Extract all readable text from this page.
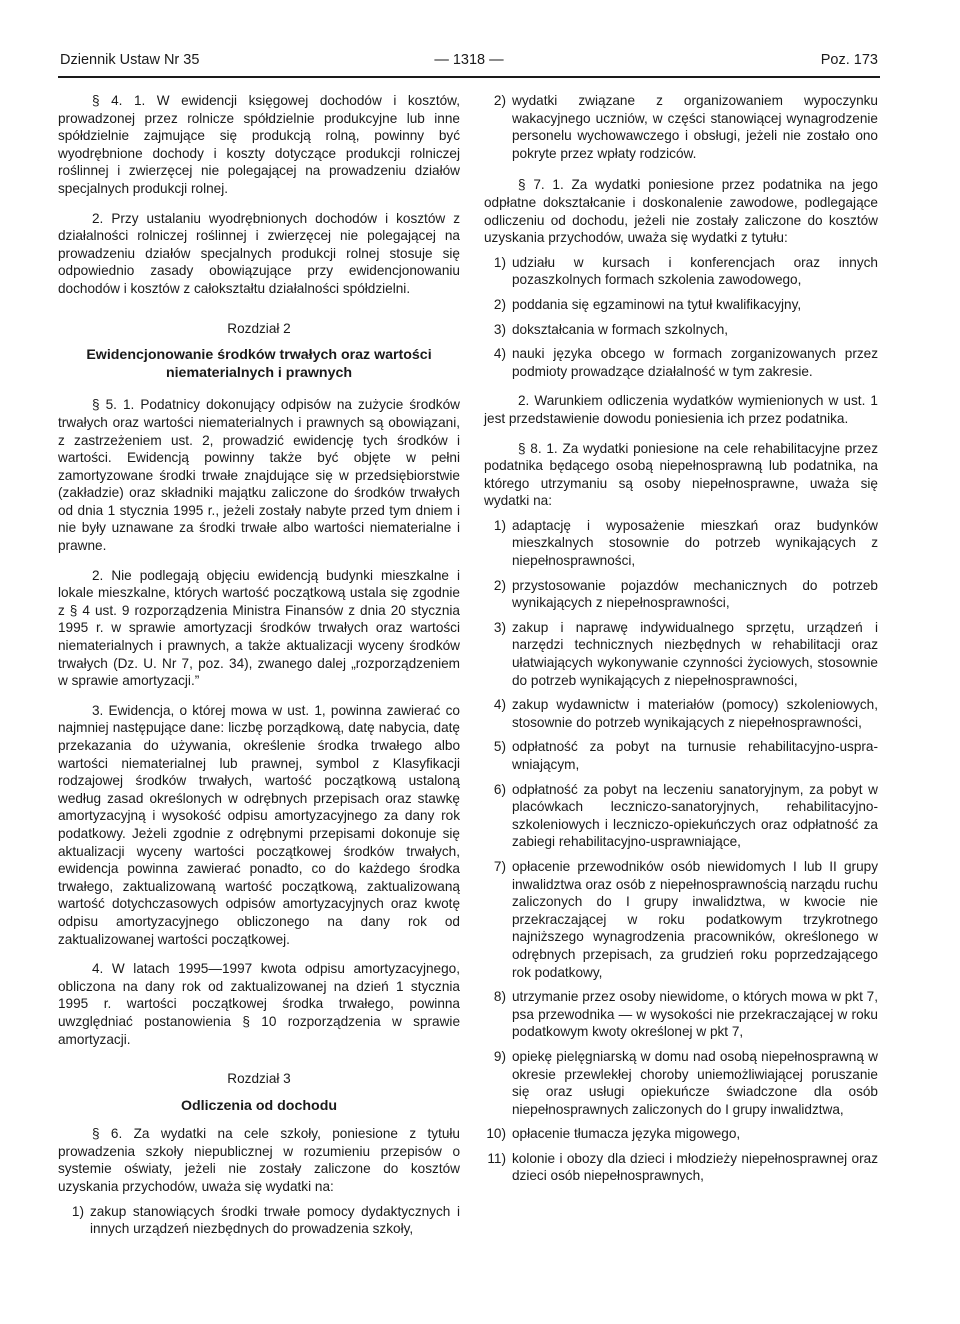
Dziennik Ustaw Nr 35	— 1318 —	Poz. 173

§ 4. 1. W ewidencji księgowej dochodów i kosztów, prowadzonej przez rolnicze spółdzielnie produkcyjne lub inne spółdzielnie zajmujące się produkcją rolną, powinny być wyodrębnione dochody i koszty dotyczące produkcji rolniczej roślinnej i zwierzęcej nie polegającej na prowadzeniu działów specjalnych produkcji rolnej.

2. Przy ustalaniu wyodrębnionych dochodów i kosztów z działalności rolniczej roślinnej i zwierzęcej nie polegającej na prowadzeniu działów specjalnych produkcji rolnej stosuje się odpowiednio zasady obowiązujące przy ewidencjonowaniu dochodów i kosztów z całokształtu działalności spółdzielni.

Rozdział 2

Ewidencjonowanie środków trwałych oraz wartości niematerialnych i prawnych

§ 5. 1. Podatnicy dokonujący odpisów na zużycie środków trwałych oraz wartości niematerialnych i prawnych są obowiązani, z zastrzeżeniem ust. 2, prowadzić ewidencję tych środków i wartości. Ewidencją powinny także być objęte w pełni zamortyzowane środki trwałe znajdujące się w przedsiębiorstwie (zakładzie) oraz składniki majątku zaliczone do środków trwałych od dnia 1 stycznia 1995 r., jeżeli zostały nabyte przed tym dniem i nie były uznawane za środki trwałe albo wartości niematerialne i prawne.

2. Nie podlegają objęciu ewidencją budynki mieszkalne i lokale mieszkalne, których wartość początkową ustala się zgodnie z § 4 ust. 9 rozporządzenia Ministra Finansów z dnia 20 stycznia 1995 r. w sprawie amortyzacji środków trwałych oraz wartości niematerialnych i prawnych, a także aktualizacji wyceny środków trwałych (Dz. U. Nr 7, poz. 34), zwanego dalej „rozporządzeniem w sprawie amortyzacji.”

3. Ewidencja, o której mowa w ust. 1, powinna zawierać co najmniej następujące dane: liczbę porządkową, datę nabycia, datę przekazania do używania, określenie środka trwałego albo wartości niematerialnej lub prawnej, symbol z Klasyfikacji rodzajowej środków trwałych, wartość początkową ustaloną według zasad określonych w odrębnych przepisach oraz stawkę amortyzacyjną i wysokość odpisu amortyzacyjnego za dany rok podatkowy. Jeżeli zgodnie z odrębnymi przepisami dokonuje się aktualizacji wyceny wartości początkowej środków trwałych, ewidencja powinna zawierać ponadto, co do każdego środka trwałego, zaktualizowaną wartość początkową, zaktualizowaną wartość dotychczasowych odpisów amortyzacyjnych oraz kwotę odpisu amortyzacyjnego obliczonego na dany rok od zaktualizowanej wartości początkowej.

4. W latach 1995—1997 kwota odpisu amortyzacyjnego, obliczona na dany rok od zaktualizowanej na dzień 1 stycznia 1995 r. wartości początkowej środka trwałego, powinna uwzględniać postanowienia § 10 rozporządzenia w sprawie amortyzacji.

Rozdział 3

Odliczenia od dochodu

§ 6. Za wydatki na cele szkoły, poniesione z tytułu prowadzenia szkoły niepublicznej w rozumieniu przepisów o systemie oświaty, jeżeli nie zostały zaliczone do kosztów uzyskania przychodów, uważa się wydatki na:

1) zakup stanowiących środki trwałe pomocy dydaktycznych i innych urządzeń niezbędnych do prowadzenia szkoły,
2) wydatki związane z organizowaniem wypoczynku wakacyjnego uczniów, w części stanowiącej wynagrodzenie personelu wychowawczego i obsługi, jeżeli nie zostało ono pokryte przez wpłaty rodziców.

§ 7. 1. Za wydatki poniesione przez podatnika na jego odpłatne dokształcanie i doskonalenie zawodowe, podlegające odliczeniu od dochodu, jeżeli nie zostały zaliczone do kosztów uzyskania przychodów, uważa się wydatki z tytułu:

1) udziału w kursach i konferencjach oraz innych pozaszkolnych formach szkolenia zawodowego,
2) poddania się egzaminowi na tytuł kwalifikacyjny,
3) dokształcania w formach szkolnych,
4) nauki języka obcego w formach zorganizowanych przez podmioty prowadzące działalność w tym zakresie.

2. Warunkiem odliczenia wydatków wymienionych w ust. 1 jest przedstawienie dowodu poniesienia ich przez podatnika.

§ 8. 1. Za wydatki poniesione na cele rehabilitacyjne przez podatnika będącego osobą niepełnosprawną lub podatnika, na którego utrzymaniu są osoby niepełnosprawne, uważa się wydatki na:

1) adaptację i wyposażenie mieszkań oraz budynków mieszkalnych stosownie do potrzeb wynikających z niepełnosprawności,
2) przystosowanie pojazdów mechanicznych do potrzeb wynikających z niepełnosprawności,
3) zakup i naprawę indywidualnego sprzętu, urządzeń i narzędzi technicznych niezbędnych w rehabilitacji oraz ułatwiających wykonywanie czynności życiowych, stosownie do potrzeb wynikających z niepełnosprawności,
4) zakup wydawnictw i materiałów (pomocy) szkoleniowych, stosownie do potrzeb wynikających z niepełnosprawności,
5) odpłatność za pobyt na turnusie rehabilitacyjno-uspra-wniającym,
6) odpłatność za pobyt na leczeniu sanatoryjnym, za pobyt w placówkach leczniczo-sanatoryjnych, rehabilitacyjno-szkoleniowych i leczniczo-opiekuńczych oraz odpłatność za zabiegi rehabilitacyjno-usprawniające,
7) opłacenie przewodników osób niewidomych I lub II grupy inwalidztwa oraz osób z niepełnosprawnością narządu ruchu zaliczonych do I grupy inwalidztwa, w kwocie nie przekraczającej w roku podatkowym trzykrotnego najniższego wynagrodzenia pracowników, określonego w odrębnych przepisach, za grudzień roku poprzedzającego rok podatkowy,
8) utrzymanie przez osoby niewidome, o których mowa w pkt 7, psa przewodnika — w wysokości nie przekraczającej w roku podatkowym kwoty określonej w pkt 7,
9) opiekę pielęgniarską w domu nad osobą niepełnosprawną w okresie przewlekłej choroby uniemożliwiającej poruszanie się oraz usługi opiekuńcze świadczone dla osób niepełnosprawnych zaliczonych do I grupy inwalidztwa,
10) opłacenie tłumacza języka migowego,
11) kolonie i obozy dla dzieci i młodzieży niepełnosprawnej oraz dzieci osób niepełnosprawnych,
